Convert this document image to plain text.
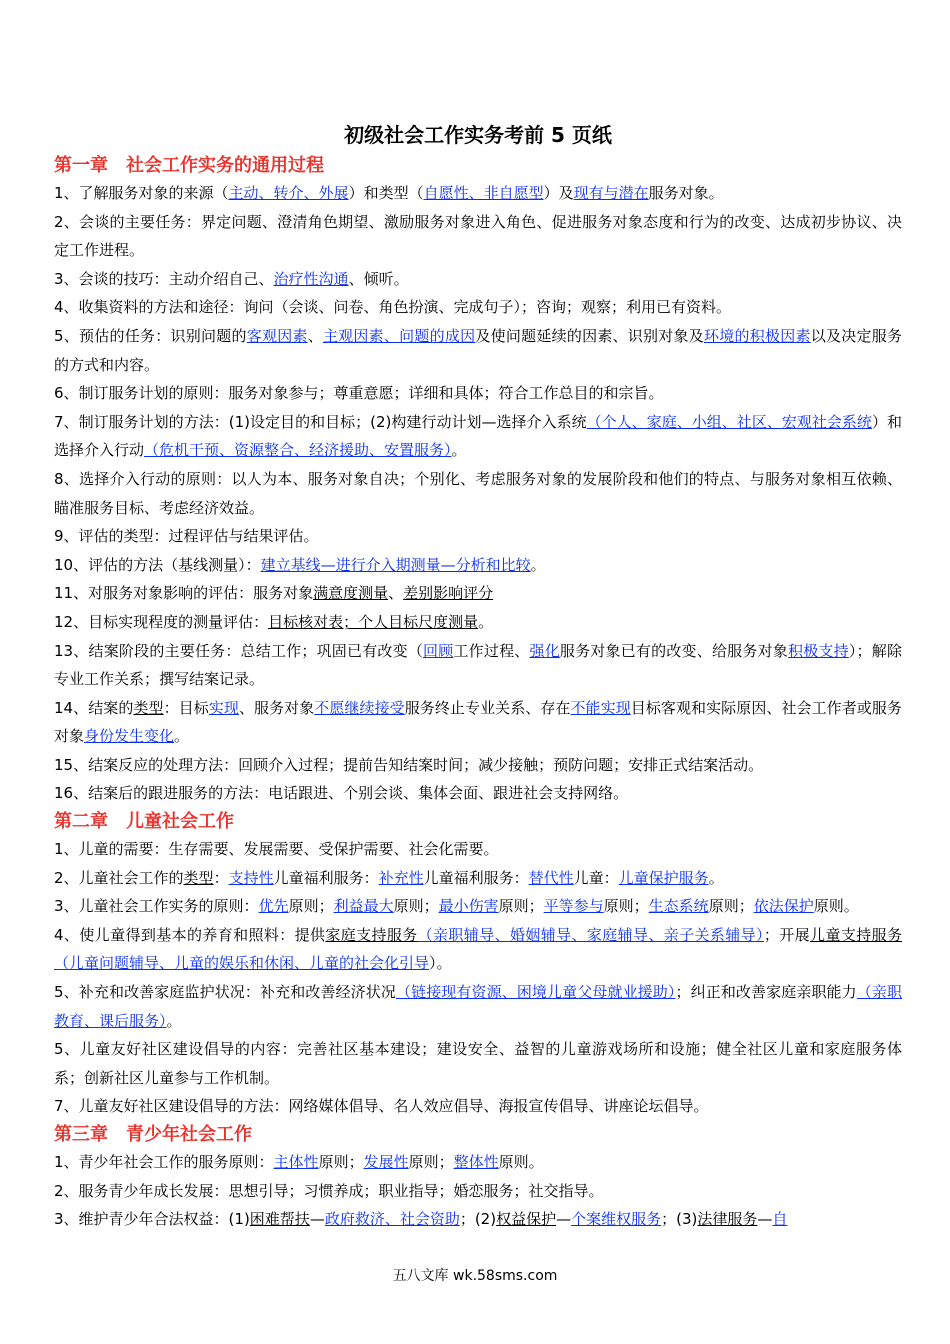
初级社会工作实务考前 5 页纸
第一章　社会工作实务的通用过程

1、了解服务对象的来源（主动、转介、外展）和类型（自愿性、非自愿型）及现有与潜在服务对象。

2、会谈的主要任务：界定问题、澄清角色期望、激励服务对象进入角色、促进服务对象态度和行为的改变、达成初步协议、决定工作进程。

3、会谈的技巧：主动介绍自己、治疗性沟通、倾听。

4、收集资料的方法和途径：询问（会谈、问卷、角色扮演、完成句子）；咨询；观察；利用已有资料。

5、预估的任务：识别问题的客观因素、主观因素、问题的成因及使问题延续的因素、识别对象及环境的积极因素以及决定服务的方式和内容。

6、制订服务计划的原则：服务对象参与；尊重意愿；详细和具体；符合工作总目的和宗旨。

7、制订服务计划的方法：(1)设定目的和目标；(2)构建行动计划—选择介入系统（个人、家庭、小组、社区、宏观社会系统）和选择介入行动（危机干预、资源整合、经济援助、安置服务）。

8、选择介入行动的原则：以人为本、服务对象自决；个别化、考虑服务对象的发展阶段和他们的特点、与服务对象相互依赖、瞄准服务目标、考虑经济效益。

9、评估的类型：过程评估与结果评估。

10、评估的方法（基线测量）：建立基线—进行介入期测量—分析和比较。

11、对服务对象影响的评估：服务对象满意度测量、差别影响评分

12、目标实现程度的测量评估：目标核对表；个人目标尺度测量。

13、结案阶段的主要任务：总结工作；巩固已有改变（回顾工作过程、强化服务对象已有的改变、给服务对象积极支持）；解除专业工作关系；撰写结案记录。

14、结案的类型：目标实现、服务对象不愿继续接受服务终止专业关系、存在不能实现目标客观和实际原因、社会工作者或服务对象身份发生变化。

15、结案反应的处理方法：回顾介入过程；提前告知结案时间；减少接触；预防问题；安排正式结案活动。

16、结案后的跟进服务的方法：电话跟进、个别会谈、集体会面、跟进社会支持网络。

第二章　儿童社会工作

1、儿童的需要：生存需要、发展需要、受保护需要、社会化需要。

2、儿童社会工作的类型：支持性儿童福利服务：补充性儿童福利服务：替代性儿童：儿童保护服务。

3、儿童社会工作实务的原则：优先原则；利益最大原则；最小伤害原则；平等参与原则；生态系统原则；依法保护原则。

4、使儿童得到基本的养育和照料：提供家庭支持服务（亲职辅导、婚姻辅导、家庭辅导、亲子关系辅导）；开展儿童支持服务（儿童问题辅导、儿童的娱乐和休闲、儿童的社会化引导）。

5、补充和改善家庭监护状况：补充和改善经济状况（链接现有资源、困境儿童父母就业援助）；纠正和改善家庭亲职能力（亲职教育、课后服务）。

5、儿童友好社区建设倡导的内容：完善社区基本建设；建设安全、益智的儿童游戏场所和设施；健全社区儿童和家庭服务体系；创新社区儿童参与工作机制。

7、儿童友好社区建设倡导的方法：网络媒体倡导、名人效应倡导、海报宣传倡导、讲座论坛倡导。

第三章　青少年社会工作

1、青少年社会工作的服务原则：主体性原则；发展性原则；整体性原则。

2、服务青少年成长发展：思想引导；习惯养成；职业指导；婚恋服务；社交指导。

3、维护青少年合法权益：(1)困难帮扶—政府救济、社会资助；(2)权益保护—个案维权服务；(3)法律服务—自

五八文库 wk.58sms.com
